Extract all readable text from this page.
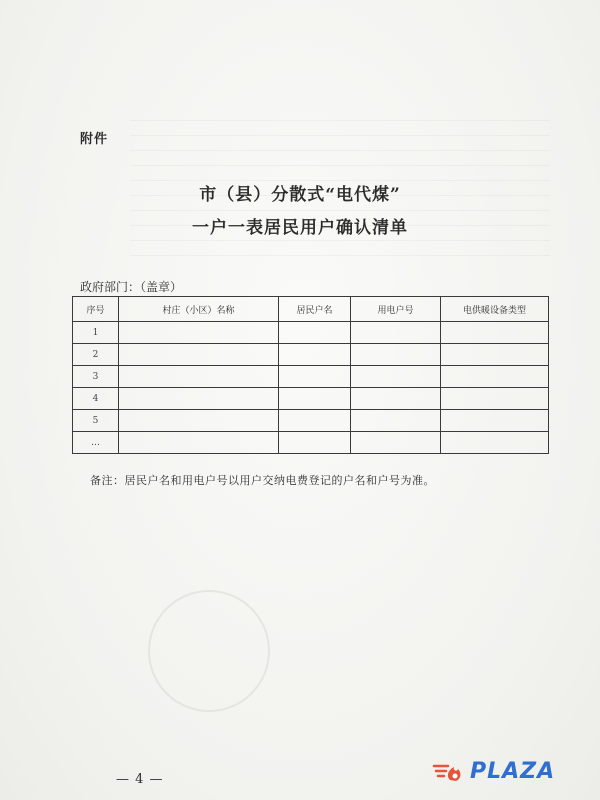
附件
市（县）分散式“电代煤”
一户一表居民用户确认清单
政府部门：（盖章）
序号	村庄（小区）名称	居民户名	用电户号	电供暖设备类型
1				
2				
3				
4				
5				
…				
备注：居民户名和用电户号以用户交纳电费登记的户名和户号为准。
— 4 —	PLAZA
